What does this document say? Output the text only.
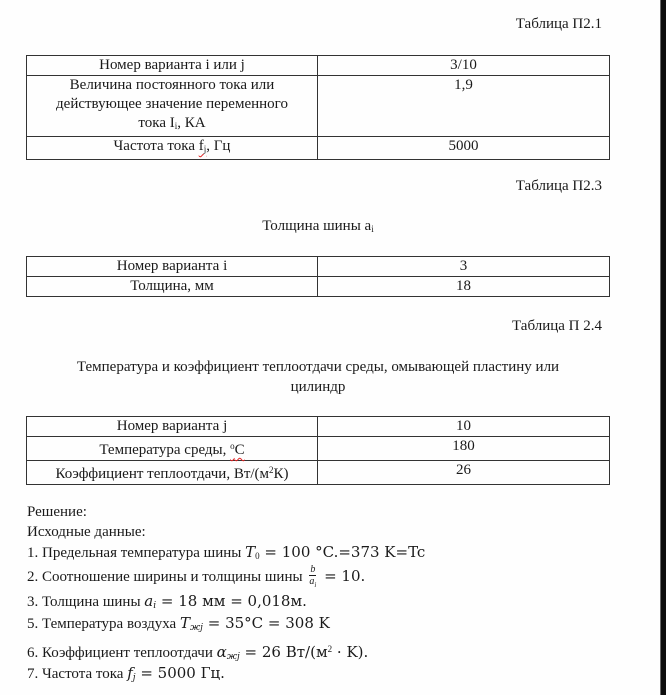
Таблица П2.1
Номер варианта i или j	3/10

Величина постоянного тока или
действующее значение переменного
тока $I_i$, КА	1,9
Частота тока $f_j$, Гц	5000
Таблица П2.3
Толщина шины $a_i$
Номер варианта i	3
Толщина, мм	18
Таблица П 2.4
Температура и коэффициент теплоотдачи среды, омывающей пластину или
цилиндр
Номер варианта j	10
Температура среды, $^o$C	180
Коэффициент теплоотдачи, $Вт/(м^2К)$	26
Решение:
Исходные данные:
1. Предельная температура шины $T_0 = 100$ °C.=373 K=Tc
2. Соотношение ширины и толщины шины $\frac{b}{a_i} = 10$.
3. Толщина шины $a_i = 18$ мм = 0,018м.
5. Температура воздуха $T_{жj} = 35^\circ C = 308$ K
6. Коэффициент теплоотдачи $\alpha_{жj} = 26$ $Вт/(м^2 \cdot K)$.
7. Частота тока $f_j = 5000$ Гц.
